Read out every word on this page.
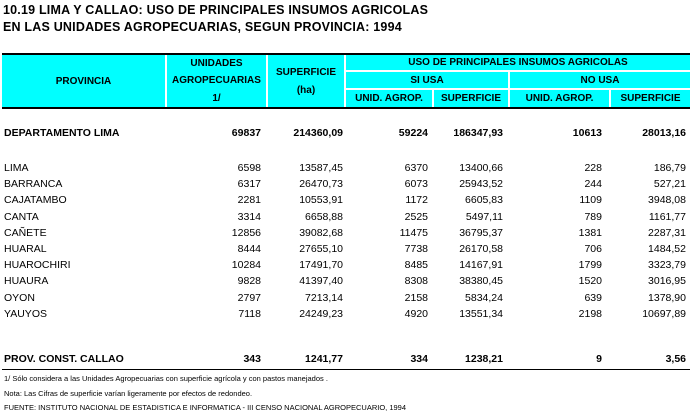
10.19 LIMA Y CALLAO: USO DE PRINCIPALES INSUMOS AGRICOLAS
EN LAS UNIDADES AGROPECUARIAS, SEGUN PROVINCIA: 1994
PROVINCIA
UNIDADES
AGROPECUARIAS
1/
SUPERFICIE
(ha)
USO DE PRINCIPALES INSUMOS AGRICOLAS
SI USA	NO USA
UNID. AGROP.	SUPERFICIE	UNID. AGROP.	SUPERFICIE
DEPARTAMENTO LIMA	69837	214360,09	59224 186347,93	10613	28013,16
LIMA	6598	13587,45	6370	13400,66	228	186,79
BARRANCA	6317	26470,73	6073	25943,52	244	527,21
CAJATAMBO	2281	10553,91	1172	6605,83	1109	3948,08
CANTA	3314	6658,88	2525	5497,11	789	1161,77
CAÑETE	12856	39082,68	11475	36795,37	1381	2287,31
HUARAL	8444	27655,10	7738	26170,58	706	1484,52
HUAROCHIRI	10284	17491,70	8485	14167,91	1799	3323,79
HUAURA	9828	41397,40	8308	38380,45	1520	3016,95
OYON	2797	7213,14	2158	5834,24	639	1378,90
YAUYOS	7118	24249,23	4920	13551,34	2198	10697,89
PROV. CONST. CALLAO	343	1241,77	334	1238,21	9	3,56
1/ Sólo considera a las Unidades Agropecuarias con superficie agrícola y con pastos manejados .
Nota: Las Cifras de superficie varían ligeramente por efectos de redondeo.
FUENTE: INSTITUTO NACIONAL DE ESTADISTICA E INFORMATICA - III CENSO NACIONAL AGROPECUARIO, 1994
